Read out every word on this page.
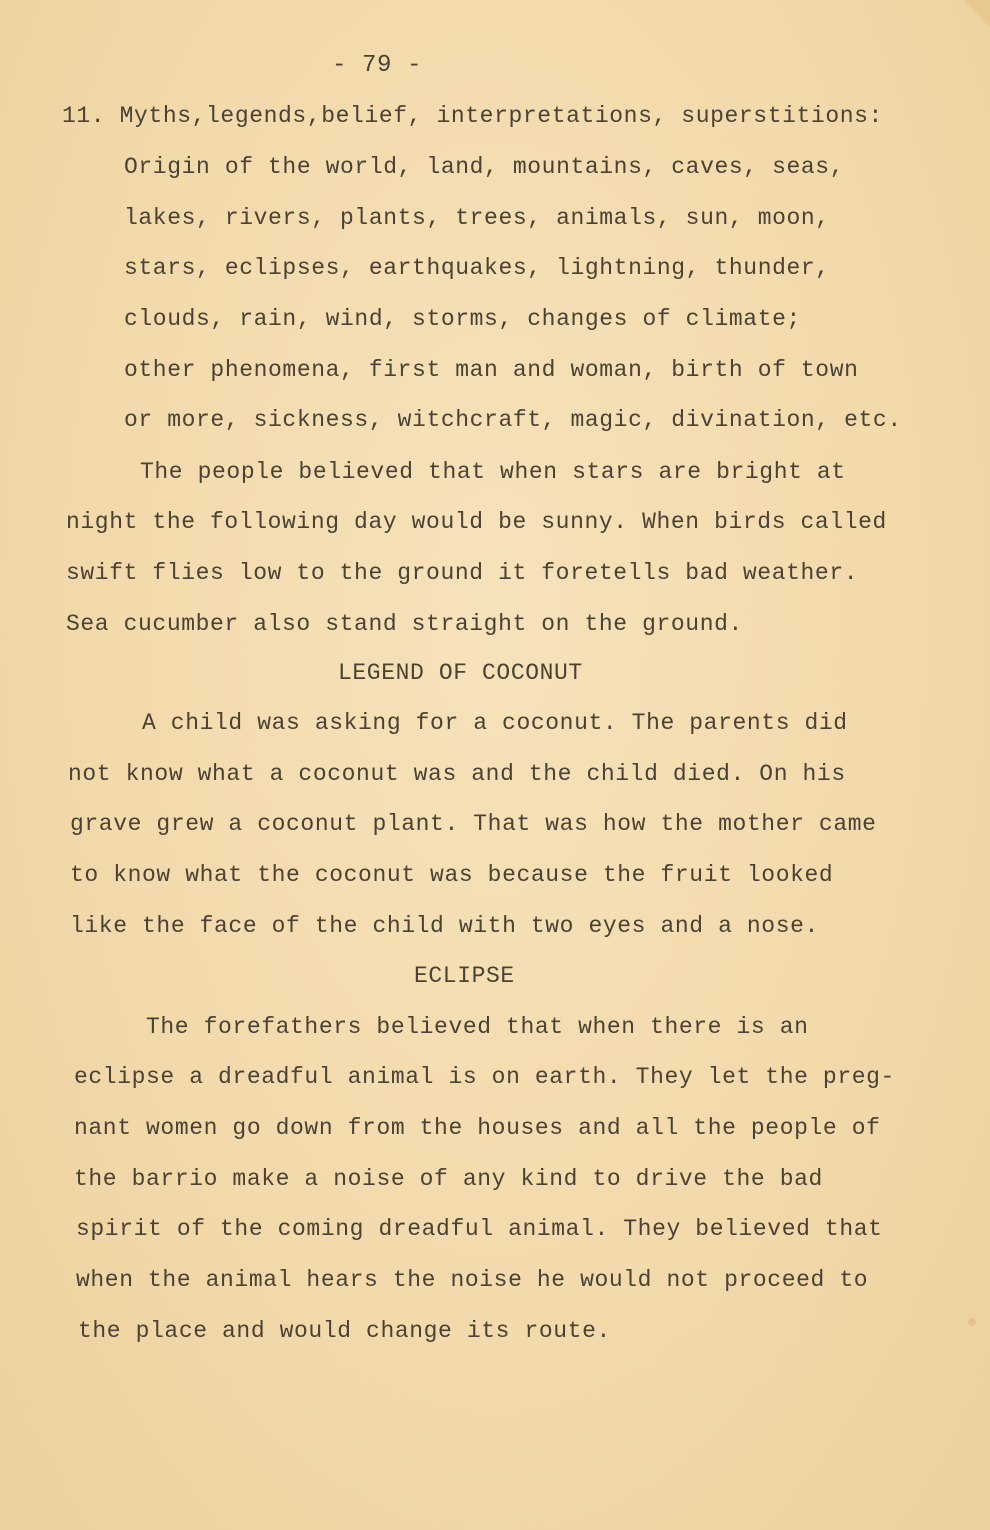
- 79 -
11. Myths,legends,belief, interpretations, superstitions:
Origin of the world, land, mountains, caves, seas,
lakes, rivers, plants, trees, animals, sun, moon,
stars, eclipses, earthquakes, lightning, thunder,
clouds, rain, wind, storms, changes of climate;
other phenomena, first man and woman, birth of town
or more, sickness, witchcraft, magic, divination, etc.
The people believed that when stars are bright at
night the following day would be sunny. When birds called
swift flies low to the ground it foretells bad weather.
Sea cucumber also stand straight on the ground.
LEGEND OF COCONUT
A child was asking for a coconut. The parents did
not know what a coconut was and the child died. On his
grave grew a coconut plant. That was how the mother came
to know what the coconut was because the fruit looked
like the face of the child with two eyes and a nose.
ECLIPSE
The forefathers believed that when there is an
eclipse a dreadful animal is on earth. They let the preg-
nant women go down from the houses and all the people of
the barrio make a noise of any kind to drive the bad
spirit of the coming dreadful animal. They believed that
when the animal hears the noise he would not proceed to
the place and would change its route.
